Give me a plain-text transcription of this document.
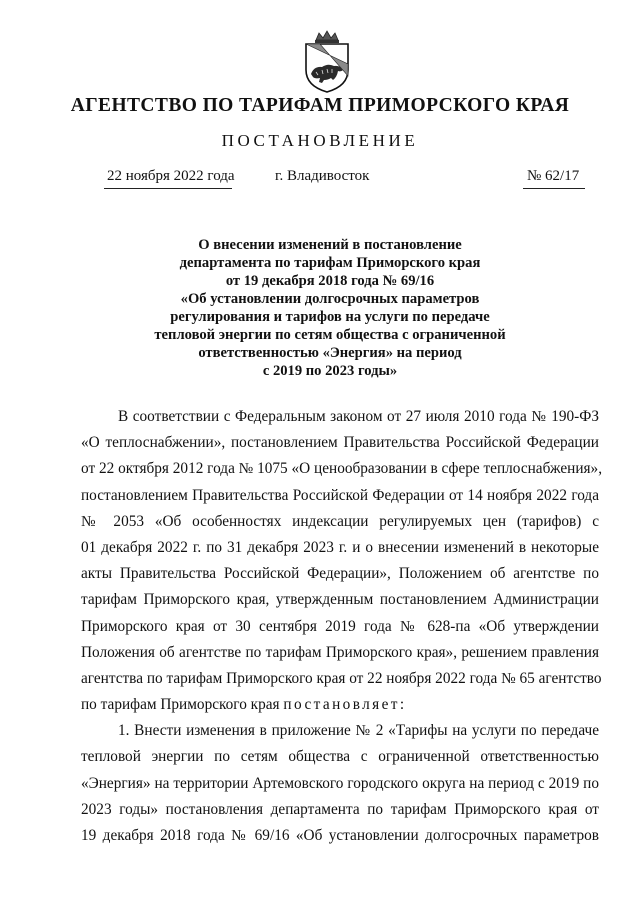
АГЕНТСТВО ПО ТАРИФАМ ПРИМОРСКОГО КРАЯ
ПОСТАНОВЛЕНИЕ
22 ноября 2022 года	г. Владивосток	№ 62/17
О внесении изменений в постановление
департамента по тарифам Приморского края
от 19 декабря 2018 года № 69/16
«Об установлении долгосрочных параметров
регулирования и тарифов на услуги по передаче
тепловой энергии по сетям общества с ограниченной
ответственностью «Энергия» на период
с 2019 по 2023 годы»
В соответствии с Федеральным законом от 27 июля 2010 года № 190-ФЗ
«О теплоснабжении», постановлением Правительства Российской Федерации
от 22 октября 2012 года № 1075 «О ценообразовании в сфере теплоснабжения»,
постановлением Правительства Российской Федерации от 14 ноября 2022 года
№ 2053 «Об особенностях индексации регулируемых цен (тарифов) с
01 декабря 2022 г. по 31 декабря 2023 г. и о внесении изменений в некоторые
акты Правительства Российской Федерации», Положением об агентстве по
тарифам Приморского края, утвержденным постановлением Администрации
Приморского края от 30 сентября 2019 года № 628-па «Об утверждении
Положения об агентстве по тарифам Приморского края», решением правления
агентства по тарифам Приморского края от 22 ноября 2022 года № 65 агентство
по тарифам Приморского края постановляет:
1. Внести изменения в приложение № 2 «Тарифы на услуги по передаче
тепловой энергии по сетям общества с ограниченной ответственностью
«Энергия» на территории Артемовского городского округа на период с 2019 по
2023 годы» постановления департамента по тарифам Приморского края от
19 декабря 2018 года № 69/16 «Об установлении долгосрочных параметров
